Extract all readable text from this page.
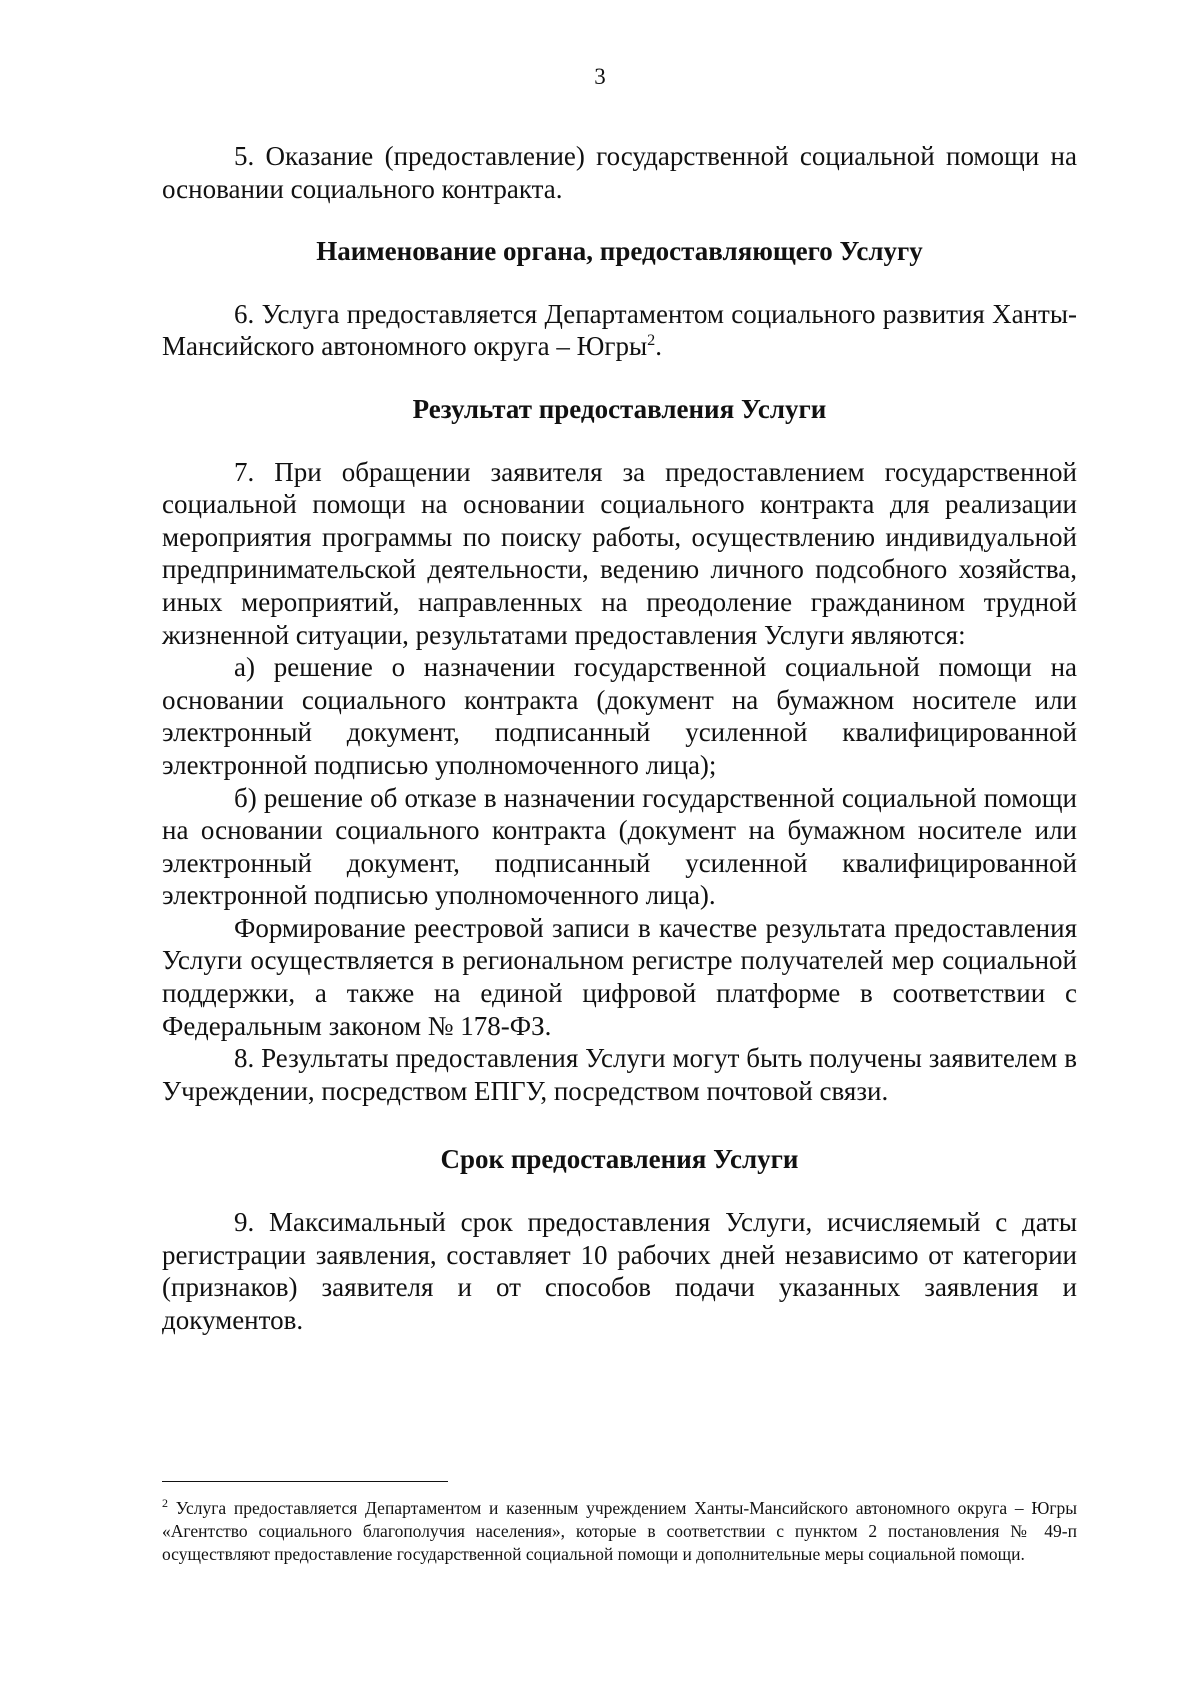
3

5. Оказание (предоставление) государственной социальной помощи на основании социального контракта.

Наименование органа, предоставляющего Услугу

6. Услуга предоставляется Департаментом социального развития Ханты-Мансийского автономного округа – Югры$^2$.

Результат предоставления Услуги

7. При обращении заявителя за предоставлением государственной социальной помощи на основании социального контракта для реализации мероприятия программы по поиску работы, осуществлению индивидуальной предпринимательской деятельности, ведению личного подсобного хозяйства, иных мероприятий, направленных на преодоление гражданином трудной жизненной ситуации, результатами предоставления Услуги являются:

а) решение о назначении государственной социальной помощи на основании социального контракта (документ на бумажном носителе или электронный документ, подписанный усиленной квалифицированной электронной подписью уполномоченного лица);

б) решение об отказе в назначении государственной социальной помощи на основании социального контракта (документ на бумажном носителе или электронный документ, подписанный усиленной квалифицированной электронной подписью уполномоченного лица).

Формирование реестровой записи в качестве результата предоставления Услуги осуществляется в региональном регистре получателей мер социальной поддержки, а также на единой цифровой платформе в соответствии с Федеральным законом № 178-ФЗ.

8. Результаты предоставления Услуги могут быть получены заявителем в Учреждении, посредством ЕПГУ, посредством почтовой связи.

Срок предоставления Услуги

9. Максимальный срок предоставления Услуги, исчисляемый с даты регистрации заявления, составляет 10 рабочих дней независимо от категории (признаков) заявителя и от способов подачи указанных заявления и документов.

$^2$ Услуга предоставляется Департаментом и казенным учреждением Ханты-Мансийского автономного округа – Югры «Агентство социального благополучия населения», которые в соответствии с пунктом 2 постановления № 49-п осуществляют предоставление государственной социальной помощи и дополнительные меры социальной помощи.
